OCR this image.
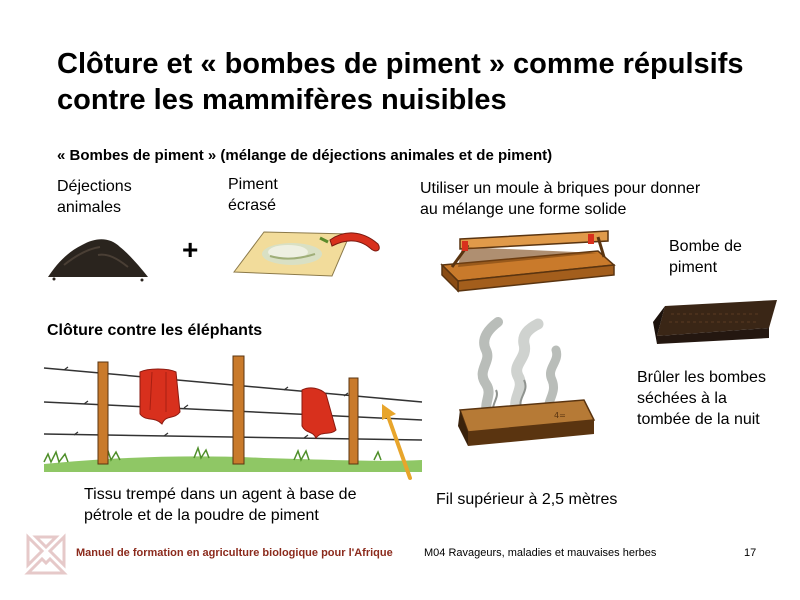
Clôture et « bombes de piment » comme répulsifs contre les mammifères nuisibles
« Bombes de piment » (mélange de déjections animales et de piment)
Déjections animales
Piment écrasé
+
Utiliser un moule à briques pour donner au mélange une forme solide
Bombe de piment
Clôture contre les éléphants
4=
Brûler les bombes séchées à la tombée de la nuit
Tissu trempé dans un agent à base de pétrole et de la poudre de piment
Fil supérieur à 2,5 mètres
Manuel de formation en agriculture biologique pour l'Afrique	M04 Ravageurs, maladies et mauvaises herbes	17
